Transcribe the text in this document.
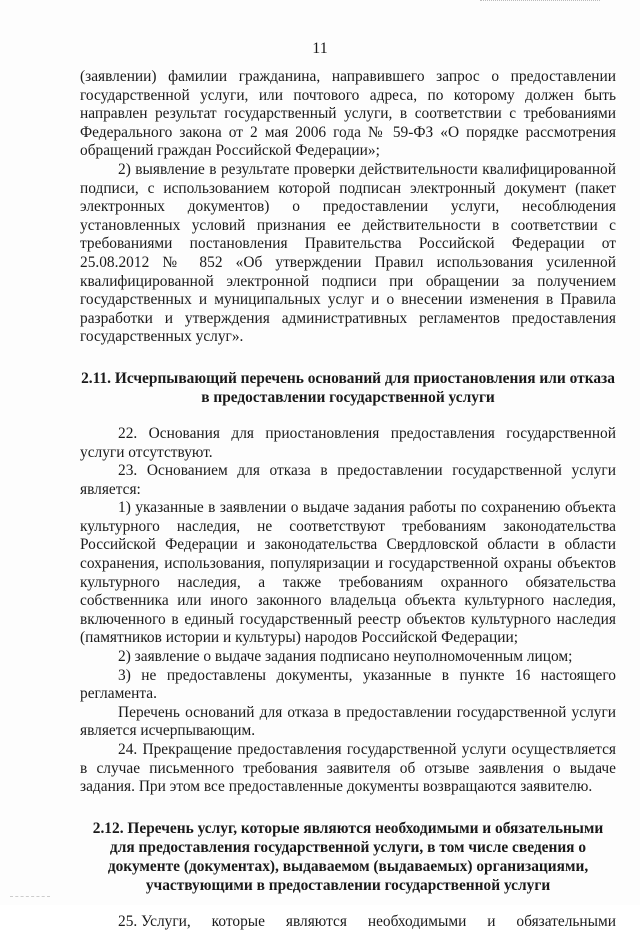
11

(заявлении) фамилии гражданина, направившего запрос о предоставлении государственной услуги, или почтового адреса, по которому должен быть направлен результат государственный услуги, в соответствии с требованиями Федерального закона от 2 мая 2006 года № 59-ФЗ «О порядке рассмотрения обращений граждан Российской Федерации»;

2) выявление в результате проверки действительности квалифицированной подписи, с использованием которой подписан электронный документ (пакет электронных документов) о предоставлении услуги, несоблюдения установленных условий признания ее действительности в соответствии с требованиями постановления Правительства Российской Федерации от 25.08.2012 № 852 «Об утверждении Правил использования усиленной квалифицированной электронной подписи при обращении за получением государственных и муниципальных услуг и о внесении изменения в Правила разработки и утверждения административных регламентов предоставления государственных услуг».

2.11. Исчерпывающий перечень оснований для приостановления или отказа в предоставлении государственной услуги

22. Основания для приостановления предоставления государственной услуги отсутствуют.

23. Основанием для отказа в предоставлении государственной услуги является:

1) указанные в заявлении о выдаче задания работы по сохранению объекта культурного наследия, не соответствуют требованиям законодательства Российской Федерации и законодательства Свердловской области в области сохранения, использования, популяризации и государственной охраны объектов культурного наследия, а также требованиям охранного обязательства собственника или иного законного владельца объекта культурного наследия, включенного в единый государственный реестр объектов культурного наследия (памятников истории и культуры) народов Российской Федерации;

2) заявление о выдаче задания подписано неуполномоченным лицом;

3) не предоставлены документы, указанные в пункте 16 настоящего регламента.

Перечень оснований для отказа в предоставлении государственной услуги является исчерпывающим.

24. Прекращение предоставления государственной услуги осуществляется в случае письменного требования заявителя об отзыве заявления о выдаче задания. При этом все предоставленные документы возвращаются заявителю.

2.12. Перечень услуг, которые являются необходимыми и обязательными для предоставления государственной услуги, в том числе сведения о документе (документах), выдаваемом (выдаваемых) организациями, участвующими в предоставлении государственной услуги

25. Услуги, которые являются необходимыми и обязательными
